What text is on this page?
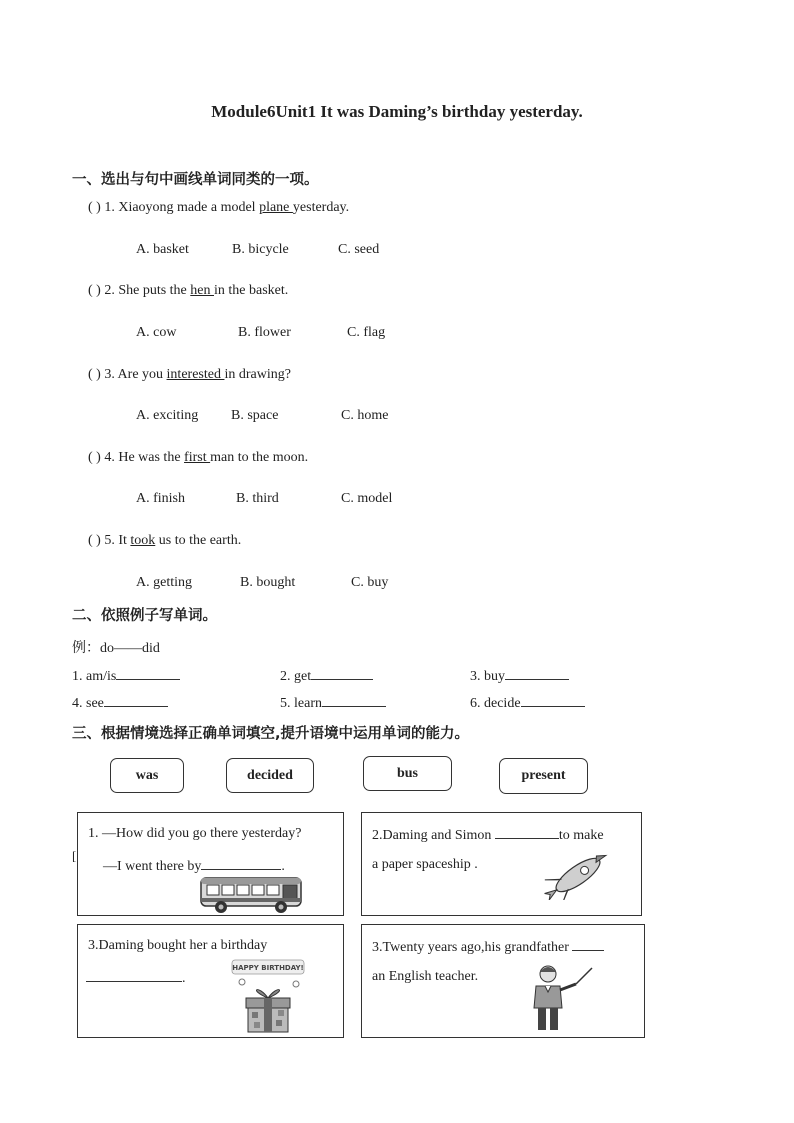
Module6Unit1 It was Daming’s birthday yesterday.
一、选出与句中画线单词同类的一项。
( ) 1. Xiaoyong made a model plane yesterday.
A. basket	B. bicycle	C. seed
( ) 2. She puts the hen in the basket.
A. cow	B. flower	C. flag
( ) 3. Are you interested in drawing?
A. exciting B. space	C. home
( ) 4. He was the first man to the moon.
A. finish	B. third	C. model
( ) 5. It took us to the earth.
A. getting	B. bought	C. buy
二、依照例子写单词。
例：do——did
1. am/is	2. get	3. buy
4. see	5. learn	6. decide
三、根据情境选择正确单词填空,提升语境中运用单词的能力。
was	decided	bus	present
1. —How did you go there yesterday?
—I went there by	.
[
2.Daming and Simon	to make
a paper spaceship .
3.Daming bought her a birthday
.
HAPPY BIRTHDAY!
3.Twenty years ago,his grandfather
an English teacher.
